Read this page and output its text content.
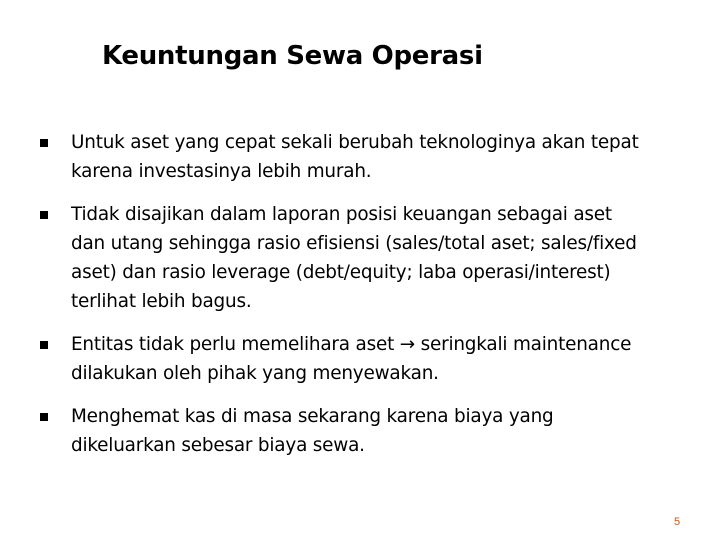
Keuntungan Sewa Operasi
Untuk aset yang cepat sekali berubah teknologinya akan tepat
karena investasinya lebih murah.
Tidak disajikan dalam laporan posisi keuangan sebagai aset
dan utang sehingga rasio efisiensi (sales/total aset; sales/fixed
aset) dan rasio leverage (debt/equity; laba operasi/interest)
terlihat lebih bagus.
Entitas tidak perlu memelihara aset → seringkali maintenance
dilakukan oleh pihak yang menyewakan.
Menghemat kas di masa sekarang karena biaya yang
dikeluarkan sebesar biaya sewa.
5
